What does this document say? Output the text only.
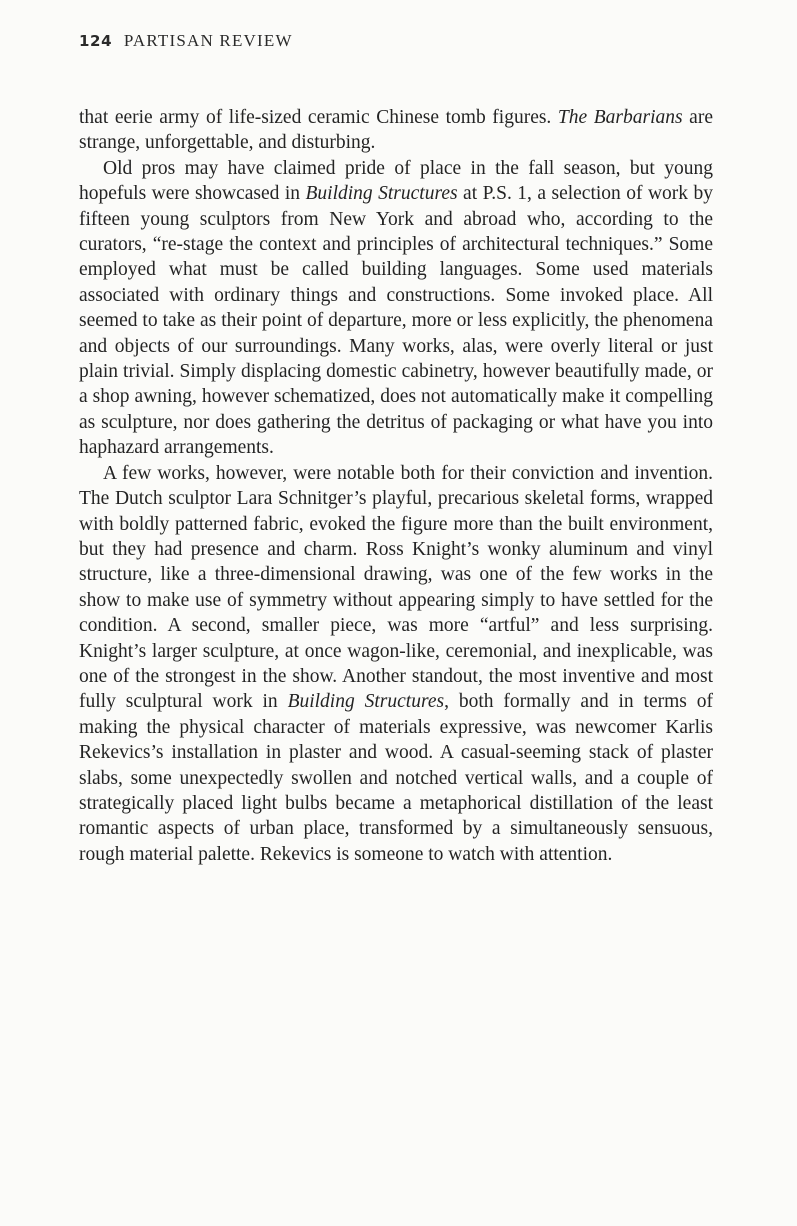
124 PARTISAN REVIEW

that eerie army of life-sized ceramic Chinese tomb figures. The Barbarians are strange, unforgettable, and disturbing.

Old pros may have claimed pride of place in the fall season, but young hopefuls were showcased in Building Structures at P.S. 1, a selection of work by fifteen young sculptors from New York and abroad who, according to the curators, “re-stage the context and principles of architectural techniques.” Some employed what must be called building languages. Some used materials associated with ordinary things and constructions. Some invoked place. All seemed to take as their point of departure, more or less explicitly, the phenomena and objects of our surroundings. Many works, alas, were overly literal or just plain trivial. Simply displacing domestic cabinetry, however beautifully made, or a shop awning, however schematized, does not automatically make it compelling as sculpture, nor does gathering the detritus of packaging or what have you into haphazard arrangements.

A few works, however, were notable both for their conviction and invention. The Dutch sculptor Lara Schnitger’s playful, precarious skeletal forms, wrapped with boldly patterned fabric, evoked the figure more than the built environment, but they had presence and charm. Ross Knight’s wonky aluminum and vinyl structure, like a three-dimensional drawing, was one of the few works in the show to make use of symmetry without appearing simply to have settled for the condition. A second, smaller piece, was more “artful” and less surprising. Knight’s larger sculpture, at once wagon-like, ceremonial, and inexplicable, was one of the strongest in the show. Another standout, the most inventive and most fully sculptural work in Building Structures, both formally and in terms of making the physical character of materials expressive, was newcomer Karlis Rekevics’s installation in plaster and wood. A casual-seeming stack of plaster slabs, some unexpectedly swollen and notched vertical walls, and a couple of strategically placed light bulbs became a metaphorical distillation of the least romantic aspects of urban place, transformed by a simultaneously sensuous, rough material palette. Rekevics is someone to watch with attention.
